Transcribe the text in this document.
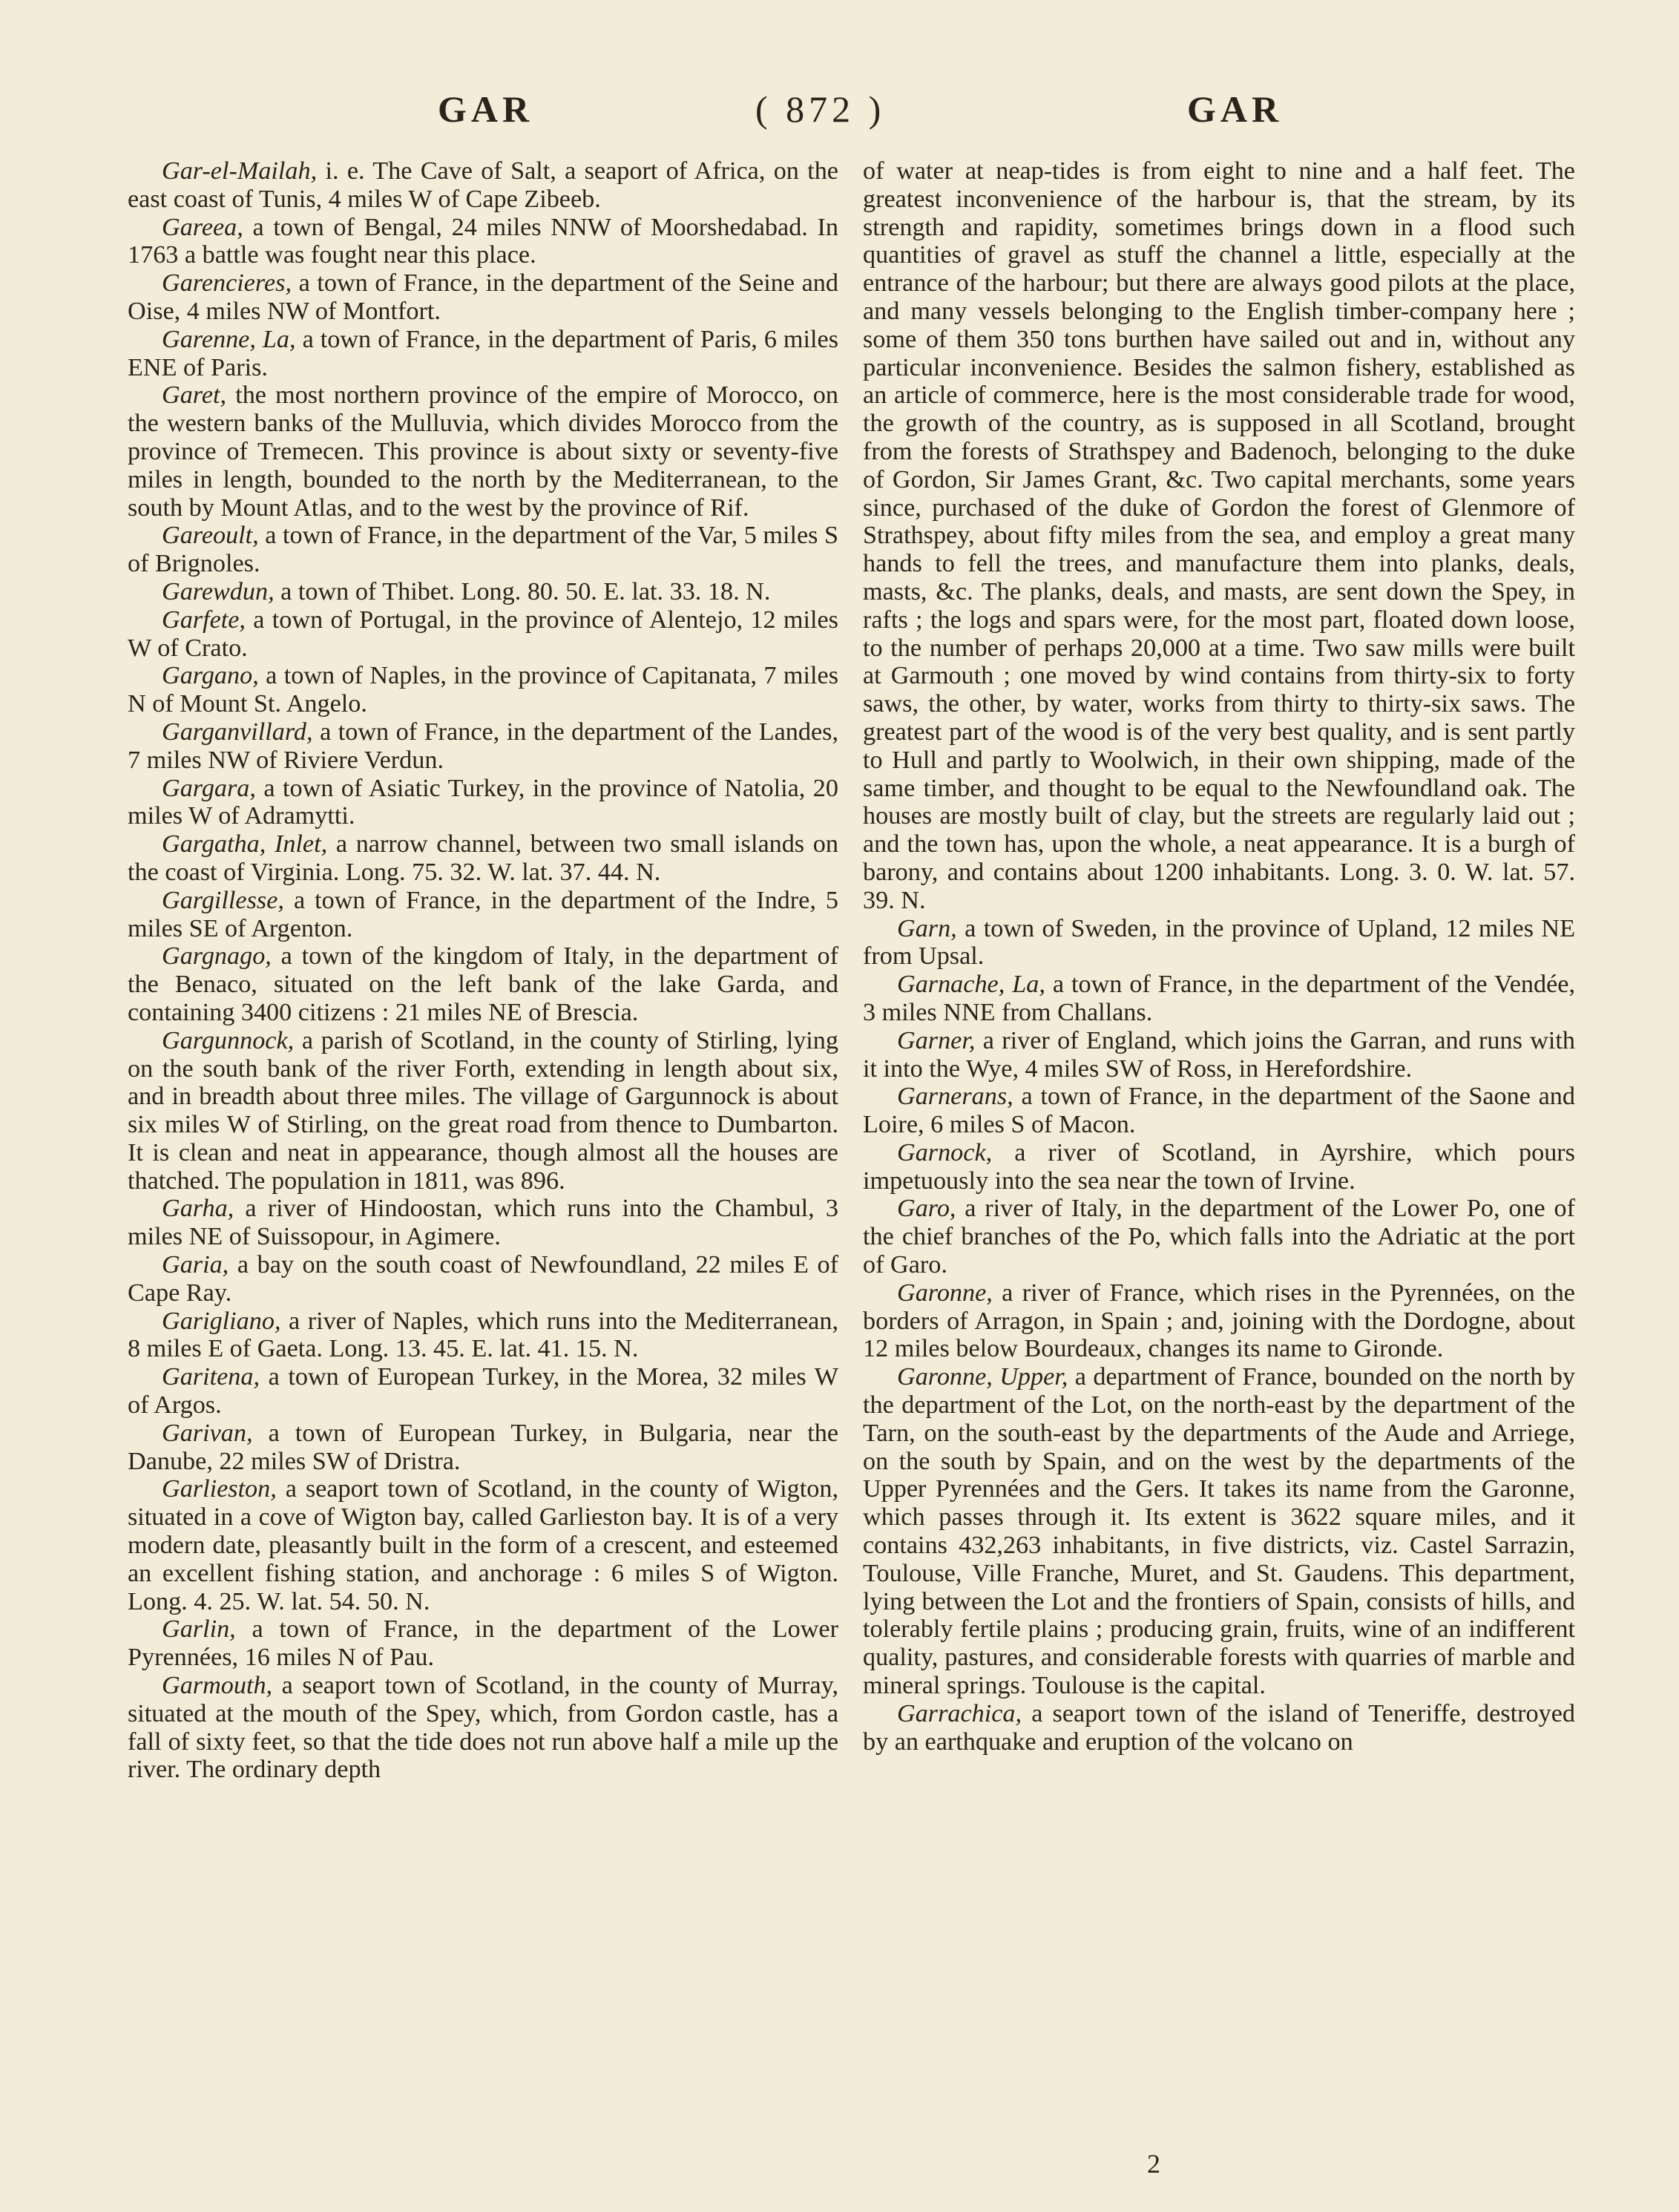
GAR	( 872 )	GAR

Gar-el-Mailah, i. e. The Cave of Salt, a seaport of Africa, on the east coast of Tunis, 4 miles W of Cape Zibeeb.

Gareea, a town of Bengal, 24 miles NNW of Moorshedabad. In 1763 a battle was fought near this place.

Garencieres, a town of France, in the department of the Seine and Oise, 4 miles NW of Montfort.

Garenne, La, a town of France, in the department of Paris, 6 miles ENE of Paris.

Garet, the most northern province of the empire of Morocco, on the western banks of the Mulluvia, which divides Morocco from the province of Tremecen. This province is about sixty or seventy-five miles in length, bounded to the north by the Mediterranean, to the south by Mount Atlas, and to the west by the province of Rif.

Gareoult, a town of France, in the department of the Var, 5 miles S of Brignoles.

Garewdun, a town of Thibet. Long. 80. 50. E. lat. 33. 18. N.

Garfete, a town of Portugal, in the province of Alentejo, 12 miles W of Crato.

Gargano, a town of Naples, in the province of Capitanata, 7 miles N of Mount St. Angelo.

Garganvillard, a town of France, in the department of the Landes, 7 miles NW of Riviere Verdun.

Gargara, a town of Asiatic Turkey, in the province of Natolia, 20 miles W of Adramytti.

Gargatha, Inlet, a narrow channel, between two small islands on the coast of Virginia. Long. 75. 32. W. lat. 37. 44. N.

Gargillesse, a town of France, in the department of the Indre, 5 miles SE of Argenton.

Gargnago, a town of the kingdom of Italy, in the department of the Benaco, situated on the left bank of the lake Garda, and containing 3400 citizens : 21 miles NE of Brescia.

Gargunnock, a parish of Scotland, in the county of Stirling, lying on the south bank of the river Forth, extending in length about six, and in breadth about three miles. The village of Gargunnock is about six miles W of Stirling, on the great road from thence to Dumbarton. It is clean and neat in appearance, though almost all the houses are thatched. The population in 1811, was 896.

Garha, a river of Hindoostan, which runs into the Chambul, 3 miles NE of Suissopour, in Agimere.

Garia, a bay on the south coast of Newfoundland, 22 miles E of Cape Ray.

Garigliano, a river of Naples, which runs into the Mediterranean, 8 miles E of Gaeta. Long. 13. 45. E. lat. 41. 15. N.

Garitena, a town of European Turkey, in the Morea, 32 miles W of Argos.

Garivan, a town of European Turkey, in Bulgaria, near the Danube, 22 miles SW of Dristra.

Garlieston, a seaport town of Scotland, in the county of Wigton, situated in a cove of Wigton bay, called Garlieston bay. It is of a very modern date, pleasantly built in the form of a crescent, and esteemed an excellent fishing station, and anchorage : 6 miles S of Wigton. Long. 4. 25. W. lat. 54. 50. N.

Garlin, a town of France, in the department of the Lower Pyrennées, 16 miles N of Pau.

Garmouth, a seaport town of Scotland, in the county of Murray, situated at the mouth of the Spey, which, from Gordon castle, has a fall of sixty feet, so that the tide does not run above half a mile up the river. The ordinary depth

of water at neap-tides is from eight to nine and a half feet. The greatest inconvenience of the harbour is, that the stream, by its strength and rapidity, sometimes brings down in a flood such quantities of gravel as stuff the channel a little, especially at the entrance of the harbour; but there are always good pilots at the place, and many vessels belonging to the English timber-company here ; some of them 350 tons burthen have sailed out and in, without any particular inconvenience. Besides the salmon fishery, established as an article of commerce, here is the most considerable trade for wood, the growth of the country, as is supposed in all Scotland, brought from the forests of Strathspey and Badenoch, belonging to the duke of Gordon, Sir James Grant, &c. Two capital merchants, some years since, purchased of the duke of Gordon the forest of Glenmore of Strathspey, about fifty miles from the sea, and employ a great many hands to fell the trees, and manufacture them into planks, deals, masts, &c. The planks, deals, and masts, are sent down the Spey, in rafts ; the logs and spars were, for the most part, floated down loose, to the number of perhaps 20,000 at a time. Two saw mills were built at Garmouth ; one moved by wind contains from thirty-six to forty saws, the other, by water, works from thirty to thirty-six saws. The greatest part of the wood is of the very best quality, and is sent partly to Hull and partly to Woolwich, in their own shipping, made of the same timber, and thought to be equal to the Newfoundland oak. The houses are mostly built of clay, but the streets are regularly laid out ; and the town has, upon the whole, a neat appearance. It is a burgh of barony, and contains about 1200 inhabitants. Long. 3. 0. W. lat. 57. 39. N.

Garn, a town of Sweden, in the province of Upland, 12 miles NE from Upsal.

Garnache, La, a town of France, in the department of the Vendée, 3 miles NNE from Challans.

Garner, a river of England, which joins the Garran, and runs with it into the Wye, 4 miles SW of Ross, in Herefordshire.

Garnerans, a town of France, in the department of the Saone and Loire, 6 miles S of Macon.

Garnock, a river of Scotland, in Ayrshire, which pours impetuously into the sea near the town of Irvine.

Garo, a river of Italy, in the department of the Lower Po, one of the chief branches of the Po, which falls into the Adriatic at the port of Garo.

Garonne, a river of France, which rises in the Pyrennées, on the borders of Arragon, in Spain ; and, joining with the Dordogne, about 12 miles below Bourdeaux, changes its name to Gironde.

Garonne, Upper, a department of France, bounded on the north by the department of the Lot, on the north-east by the department of the Tarn, on the south-east by the departments of the Aude and Arriege, on the south by Spain, and on the west by the departments of the Upper Pyrennées and the Gers. It takes its name from the Garonne, which passes through it. Its extent is 3622 square miles, and it contains 432,263 inhabitants, in five districts, viz. Castel Sarrazin, Toulouse, Ville Franche, Muret, and St. Gaudens. This department, lying between the Lot and the frontiers of Spain, consists of hills, and tolerably fertile plains ; producing grain, fruits, wine of an indifferent quality, pastures, and considerable forests with quarries of marble and mineral springs. Toulouse is the capital.

Garrachica, a seaport town of the island of Teneriffe, destroyed by an earthquake and eruption of the volcano on

2
